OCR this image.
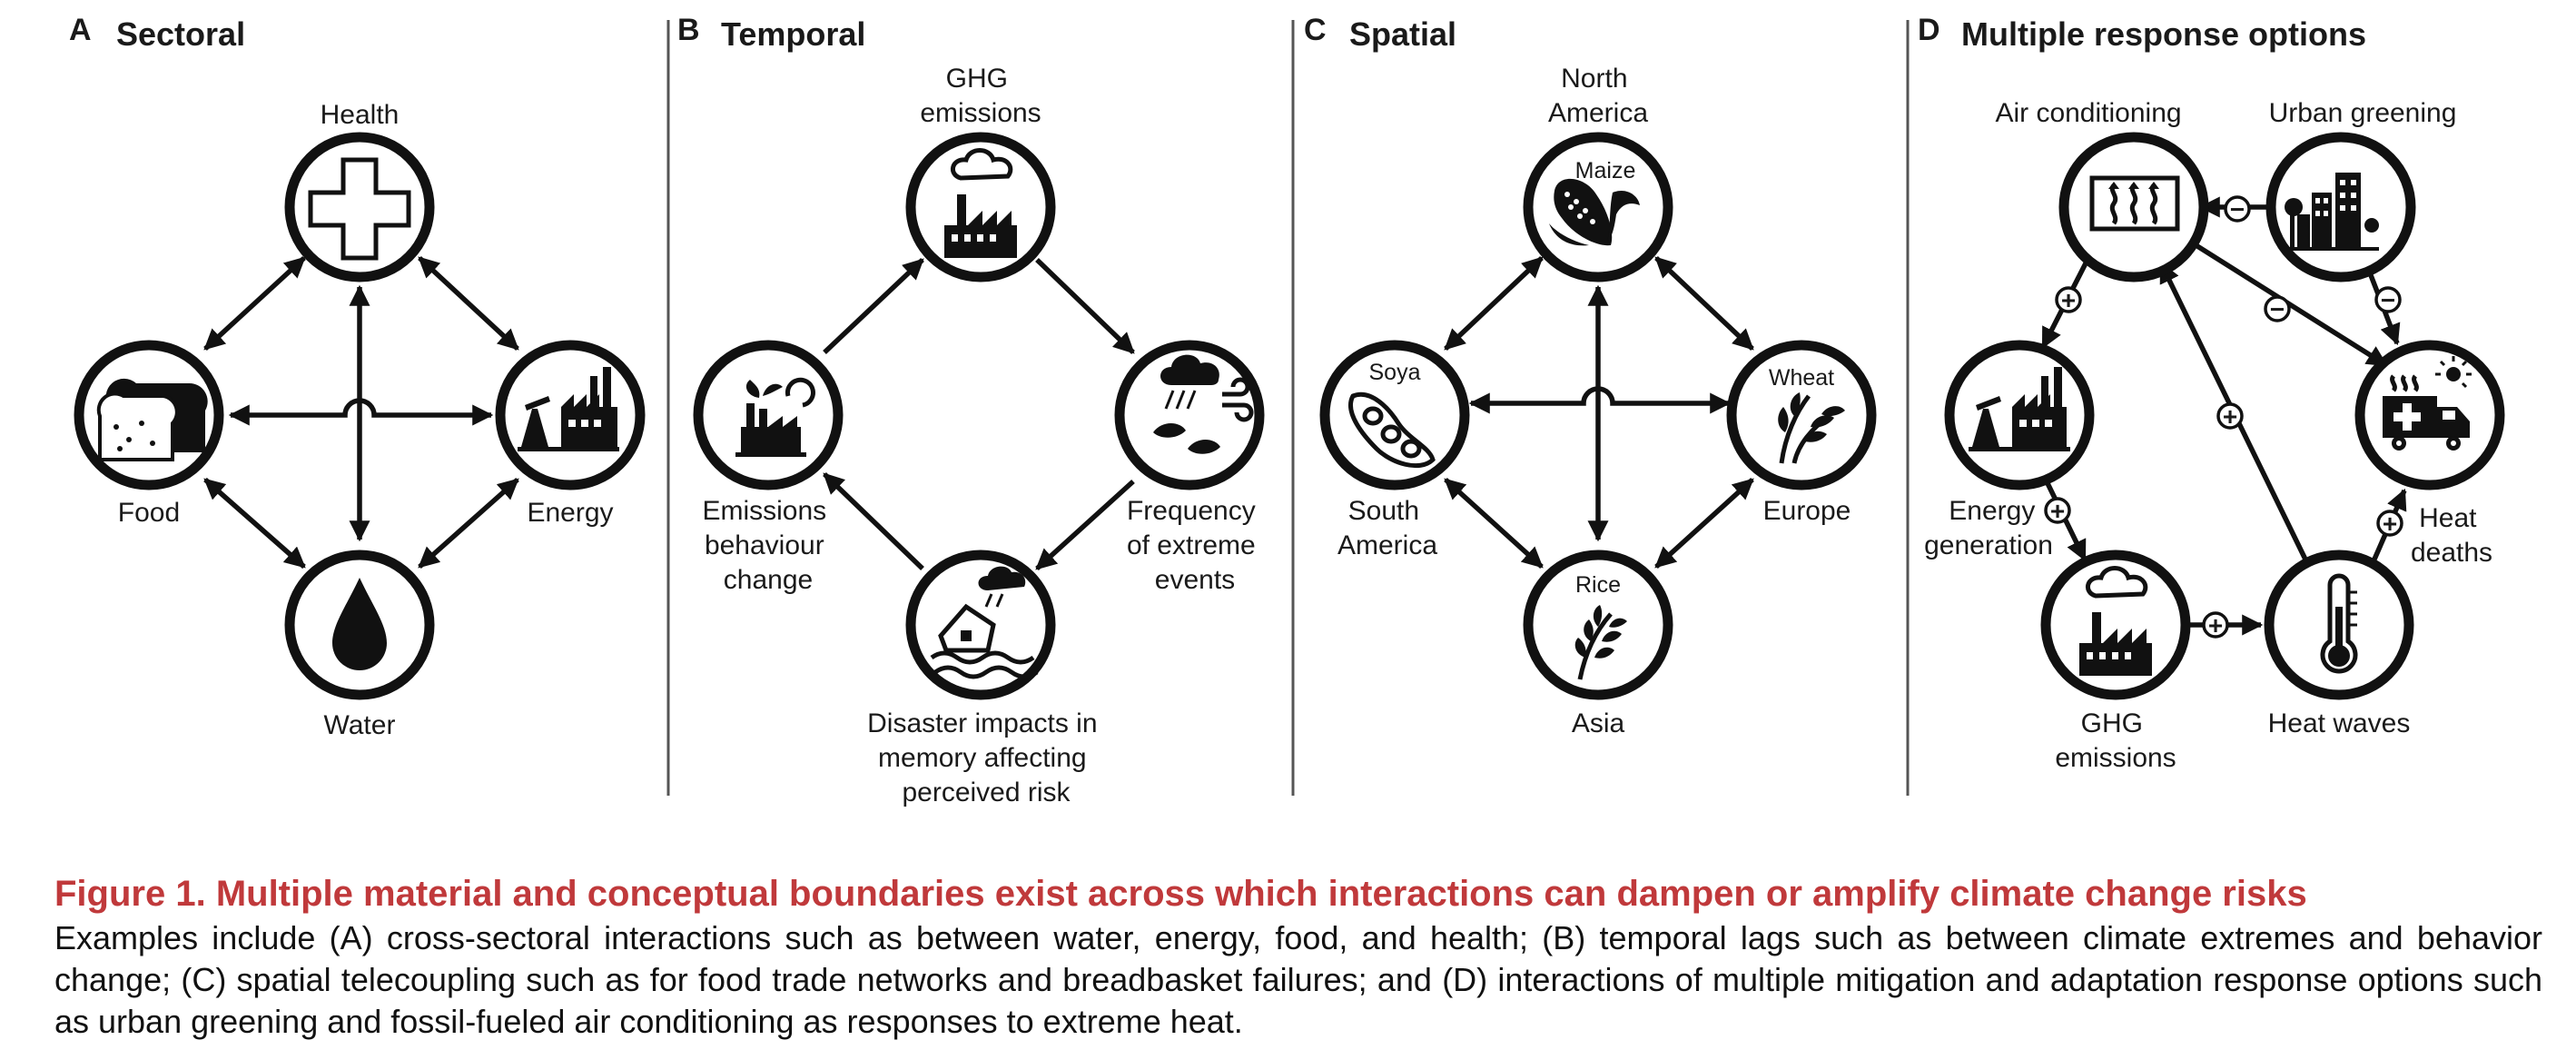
A Sectoral	B Temporal	C Spatial	D Multiple response options
Health
Food	Energy
Water
GHG emissions
Emissions behaviour change
Frequency of extreme events
Disaster impacts in memory affecting perceived risk
Maize
Soya	Wheat
Rice
North America
South America
Europe
Asia
−
+	−	−
+
+
+
+
Air conditioning	Urban greening
Energy generation
Heat deaths
GHG emissions
Heat waves

Figure 1. Multiple material and conceptual boundaries exist across which interactions can dampen or amplify climate change risks

Examples include (A) cross-sectoral interactions such as between water, energy, food, and health; (B) temporal lags such as between climate extremes and behavior change; (C) spatial telecoupling such as for food trade networks and breadbasket failures; and (D) interactions of multiple mitigation and adaptation response options such as urban greening and fossil-fueled air conditioning as responses to extreme heat.
